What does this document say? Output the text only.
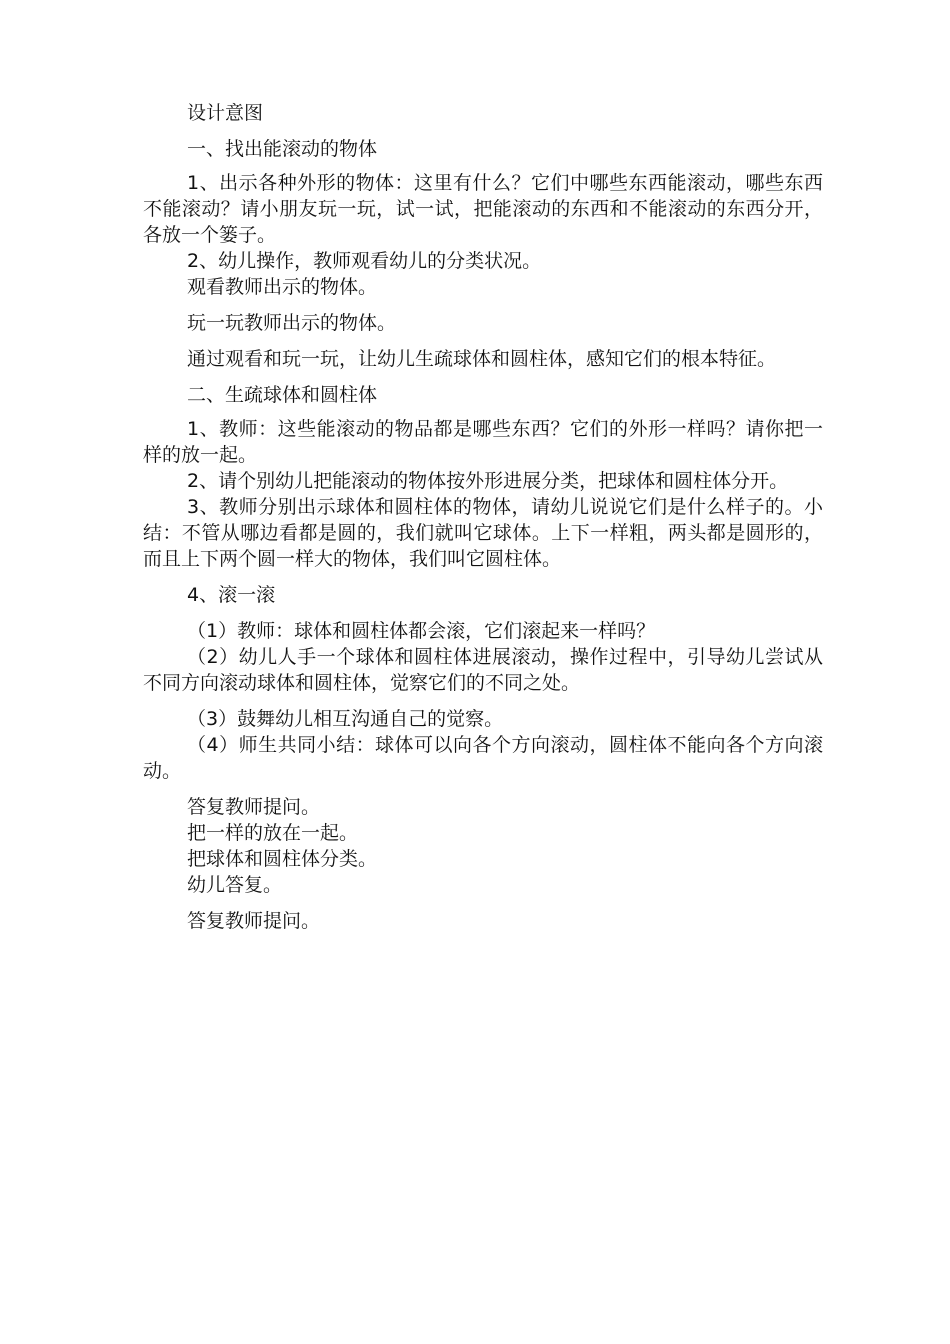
设计意图

一、找出能滚动的物体

1、出示各种外形的物体：这里有什么？它们中哪些东西能滚动，哪些东西不能滚动？请小朋友玩一玩，试一试，把能滚动的东西和不能滚动的东西分开，各放一个篓子。

2、幼儿操作，教师观看幼儿的分类状况。

观看教师出示的物体。

玩一玩教师出示的物体。

通过观看和玩一玩，让幼儿生疏球体和圆柱体，感知它们的根本特征。

二、生疏球体和圆柱体

1、教师：这些能滚动的物品都是哪些东西？它们的外形一样吗？请你把一样的放一起。

2、请个别幼儿把能滚动的物体按外形进展分类，把球体和圆柱体分开。

3、教师分别出示球体和圆柱体的物体，请幼儿说说它们是什么样子的。小结：不管从哪边看都是圆的，我们就叫它球体。上下一样粗，两头都是圆形的，而且上下两个圆一样大的物体，我们叫它圆柱体。

4、滚一滚

（1）教师：球体和圆柱体都会滚，它们滚起来一样吗？

（2）幼儿人手一个球体和圆柱体进展滚动，操作过程中，引导幼儿尝试从不同方向滚动球体和圆柱体，觉察它们的不同之处。

（3）鼓舞幼儿相互沟通自己的觉察。

（4）师生共同小结：球体可以向各个方向滚动，圆柱体不能向各个方向滚动。

答复教师提问。

把一样的放在一起。

把球体和圆柱体分类。

幼儿答复。

答复教师提问。
